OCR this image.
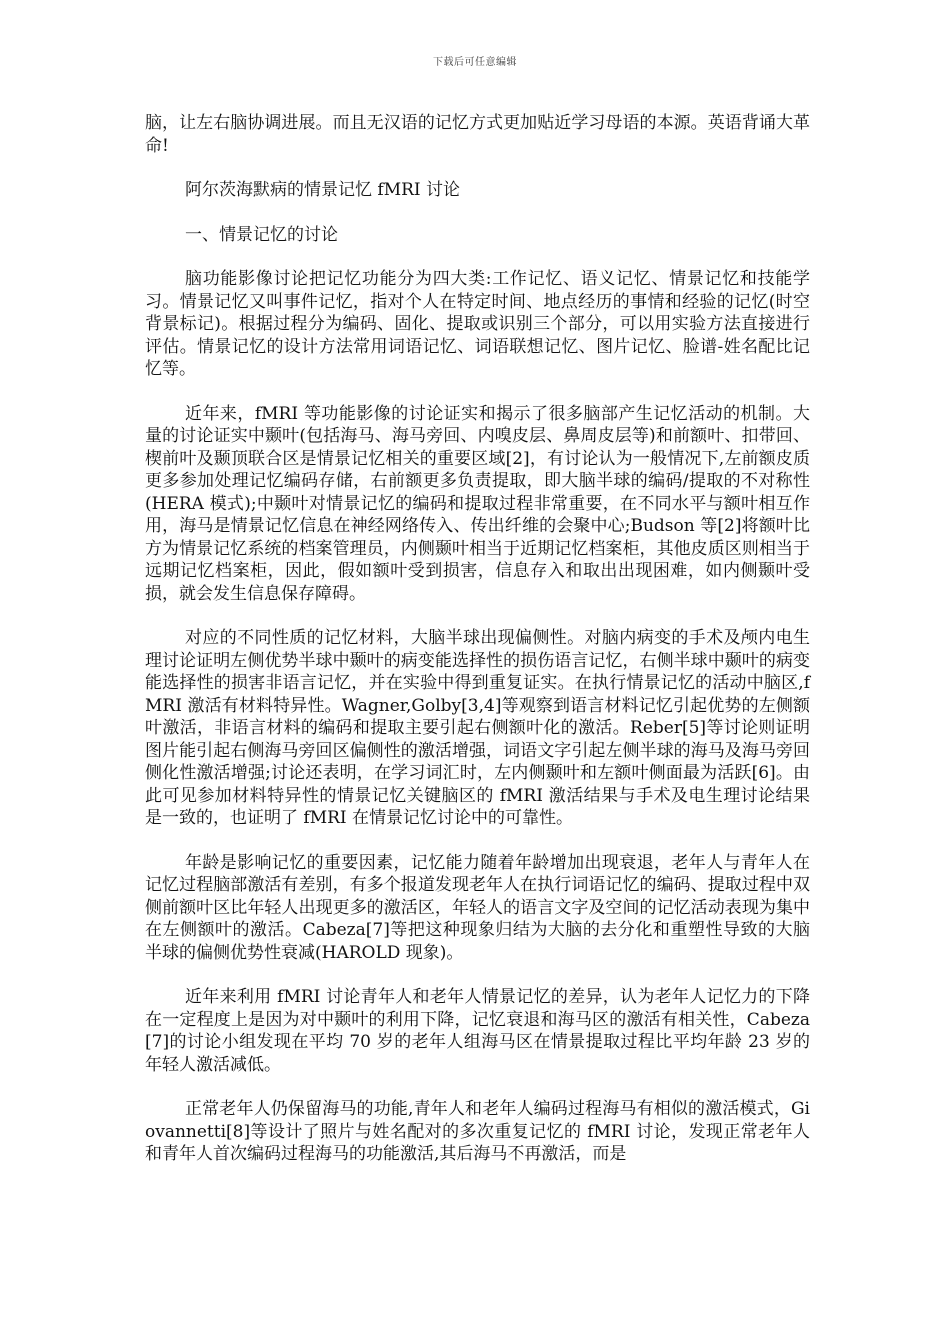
下载后可任意编辑

脑，让左右脑协调进展。而且无汉语的记忆方式更加贴近学习母语的本源。英语背诵大革命!

阿尔茨海默病的情景记忆 fMRI 讨论

一、情景记忆的讨论

脑功能影像讨论把记忆功能分为四大类:工作记忆、语义记忆、情景记忆和技能学习。情景记忆又叫事件记忆，指对个人在特定时间、地点经历的事情和经验的记忆(时空背景标记)。根据过程分为编码、固化、提取或识别三个部分，可以用实验方法直接进行评估。情景记忆的设计方法常用词语记忆、词语联想记忆、图片记忆、脸谱-姓名配比记忆等。

近年来，fMRI 等功能影像的讨论证实和揭示了很多脑部产生记忆活动的机制。大量的讨论证实中颞叶(包括海马、海马旁回、内嗅皮层、鼻周皮层等)和前额叶、扣带回、楔前叶及颞顶联合区是情景记忆相关的重要区域[2]，有讨论认为一般情况下,左前额皮质更多参加处理记忆编码存储，右前额更多负责提取，即大脑半球的编码/提取的不对称性(HERA 模式);中颞叶对情景记忆的编码和提取过程非常重要，在不同水平与额叶相互作用，海马是情景记忆信息在神经网络传入、传出纤维的会聚中心;Budson 等[2]将额叶比方为情景记忆系统的档案管理员，内侧颞叶相当于近期记忆档案柜，其他皮质区则相当于远期记忆档案柜，因此，假如额叶受到损害，信息存入和取出出现困难，如内侧颞叶受损，就会发生信息保存障碍。

对应的不同性质的记忆材料，大脑半球出现偏侧性。对脑内病变的手术及颅内电生理讨论证明左侧优势半球中颞叶的病变能选择性的损伤语言记忆，右侧半球中颞叶的病变能选择性的损害非语言记忆，并在实验中得到重复证实。在执行情景记忆的活动中脑区,fMRI 激活有材料特异性。Wagner,Golby[3,4]等观察到语言材料记忆引起优势的左侧额叶激活，非语言材料的编码和提取主要引起右侧额叶化的激活。Reber[5]等讨论则证明图片能引起右侧海马旁回区偏侧性的激活增强，词语文字引起左侧半球的海马及海马旁回侧化性激活增强;讨论还表明，在学习词汇时，左内侧颞叶和左额叶侧面最为活跃[6]。由此可见参加材料特异性的情景记忆关键脑区的 fMRI 激活结果与手术及电生理讨论结果是一致的，也证明了 fMRI 在情景记忆讨论中的可靠性。

年龄是影响记忆的重要因素，记忆能力随着年龄增加出现衰退，老年人与青年人在记忆过程脑部激活有差别，有多个报道发现老年人在执行词语记忆的编码、提取过程中双侧前额叶区比年轻人出现更多的激活区，年轻人的语言文字及空间的记忆活动表现为集中在左侧额叶的激活。Cabeza[7]等把这种现象归结为大脑的去分化和重塑性导致的大脑半球的偏侧优势性衰减(HAROLD 现象)。

近年来利用 fMRI 讨论青年人和老年人情景记忆的差异，认为老年人记忆力的下降在一定程度上是因为对中颞叶的利用下降，记忆衰退和海马区的激活有相关性，Cabeza[7]的讨论小组发现在平均 70 岁的老年人组海马区在情景提取过程比平均年龄 23 岁的年轻人激活减低。

正常老年人仍保留海马的功能,青年人和老年人编码过程海马有相似的激活模式，Giovannetti[8]等设计了照片与姓名配对的多次重复记忆的 fMRI 讨论，发现正常老年人和青年人首次编码过程海马的功能激活,其后海马不再激活，而是
